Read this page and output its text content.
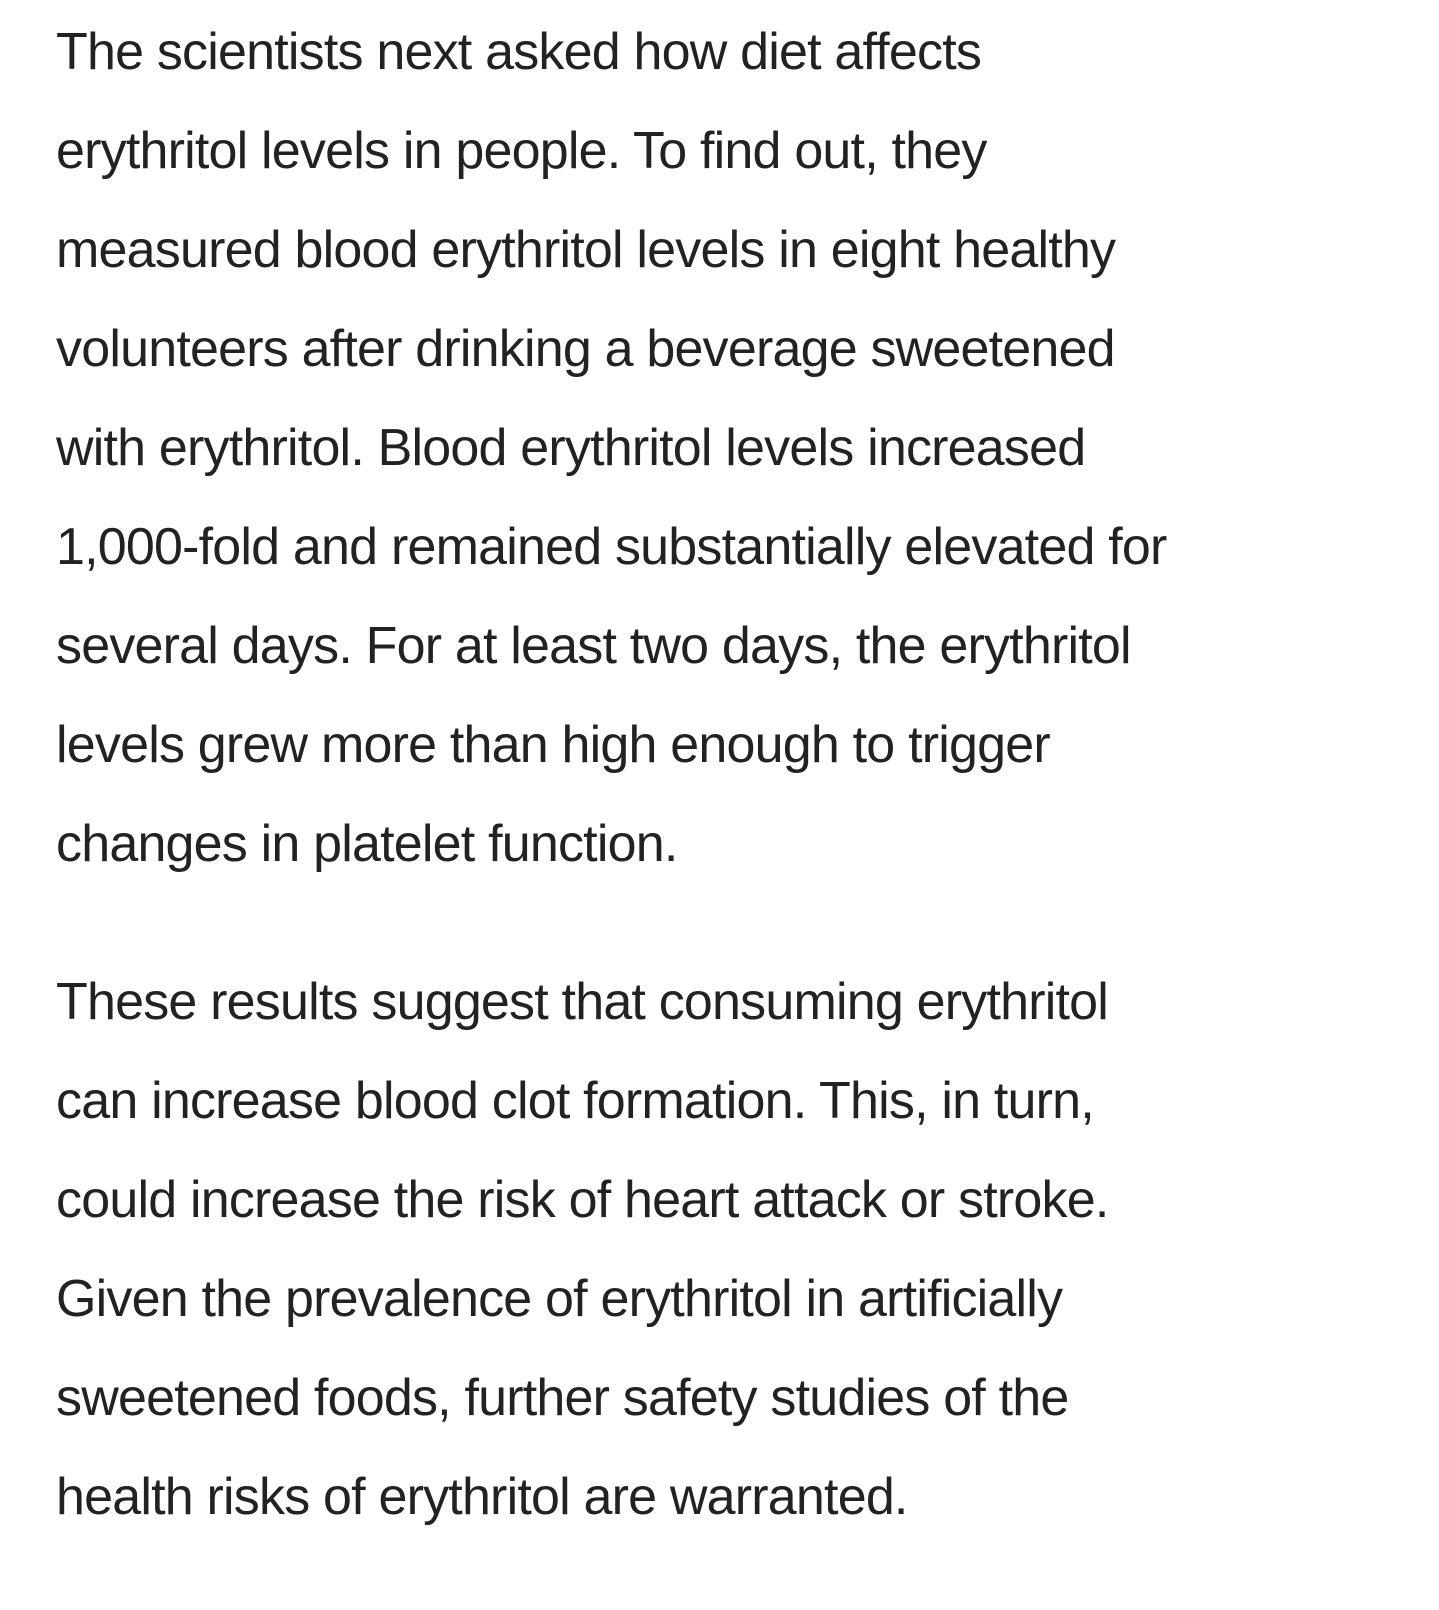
The scientists next asked how diet affects
erythritol levels in people. To find out, they
measured blood erythritol levels in eight healthy
volunteers after drinking a beverage sweetened
with erythritol. Blood erythritol levels increased
1,000-fold and remained substantially elevated for
several days. For at least two days, the erythritol
levels grew more than high enough to trigger
changes in platelet function.

These results suggest that consuming erythritol
can increase blood clot formation. This, in turn,
could increase the risk of heart attack or stroke.
Given the prevalence of erythritol in artificially
sweetened foods, further safety studies of the
health risks of erythritol are warranted.
